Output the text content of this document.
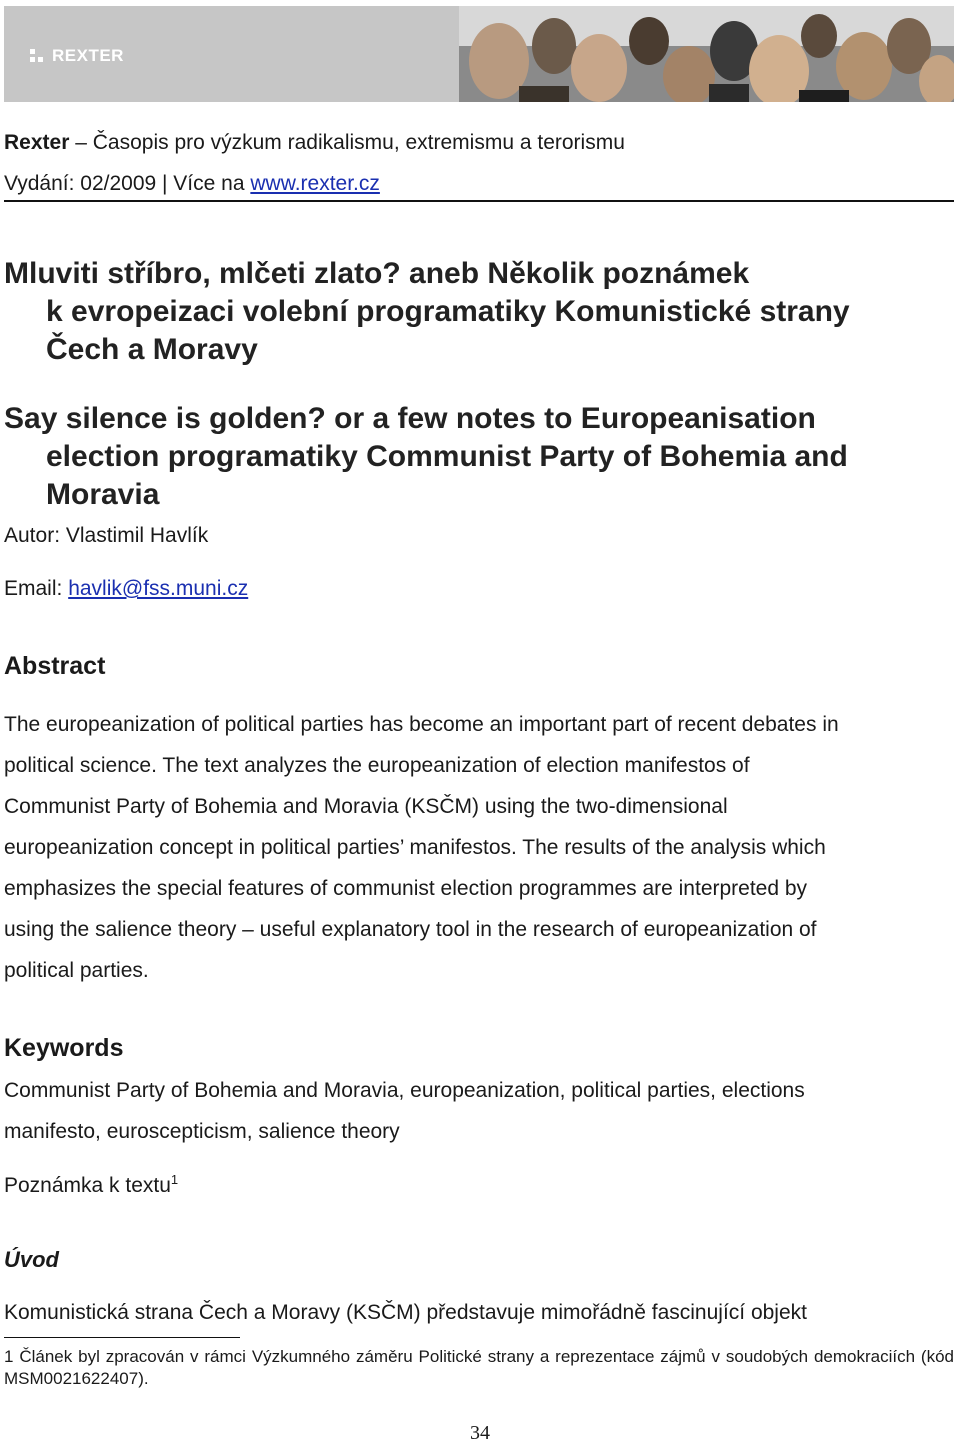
REXTER
Rexter – Časopis pro výzkum radikalismu, extremismu a terorismu
Vydání: 02/2009 | Více na www.rexter.cz
Mluviti stříbro, mlčeti zlato? aneb Několik poznámek
k evropeizaci volební programatiky Komunistické strany
Čech a Moravy
Say silence is golden? or a few notes to Europeanisation
election programatiky Communist Party of Bohemia and
Moravia
Autor: Vlastimil Havlík
Email: havlik@fss.muni.cz
Abstract
The europeanization of political parties has become an important part of recent debates in
political science. The text analyzes the europeanization of election manifestos of
Communist Party of Bohemia and Moravia (KSČM) using the two-dimensional
europeanization concept in political parties’ manifestos. The results of the analysis which
emphasizes the special features of communist election programmes are interpreted by
using the salience theory – useful explanatory tool in the research of europeanization of
political parties.
Keywords
Communist Party of Bohemia and Moravia, europeanization, political parties, elections
manifesto, euroscepticism, salience theory
Poznámka k textu$^1$
Úvod
Komunistická strana Čech a Moravy (KSČM) představuje mimořádně fascinující objekt
1 Článek byl zpracován v rámci Výzkumného záměru Politické strany a reprezentace zájmů v soudobých demokraciích (kód MSM0021622407).
34
